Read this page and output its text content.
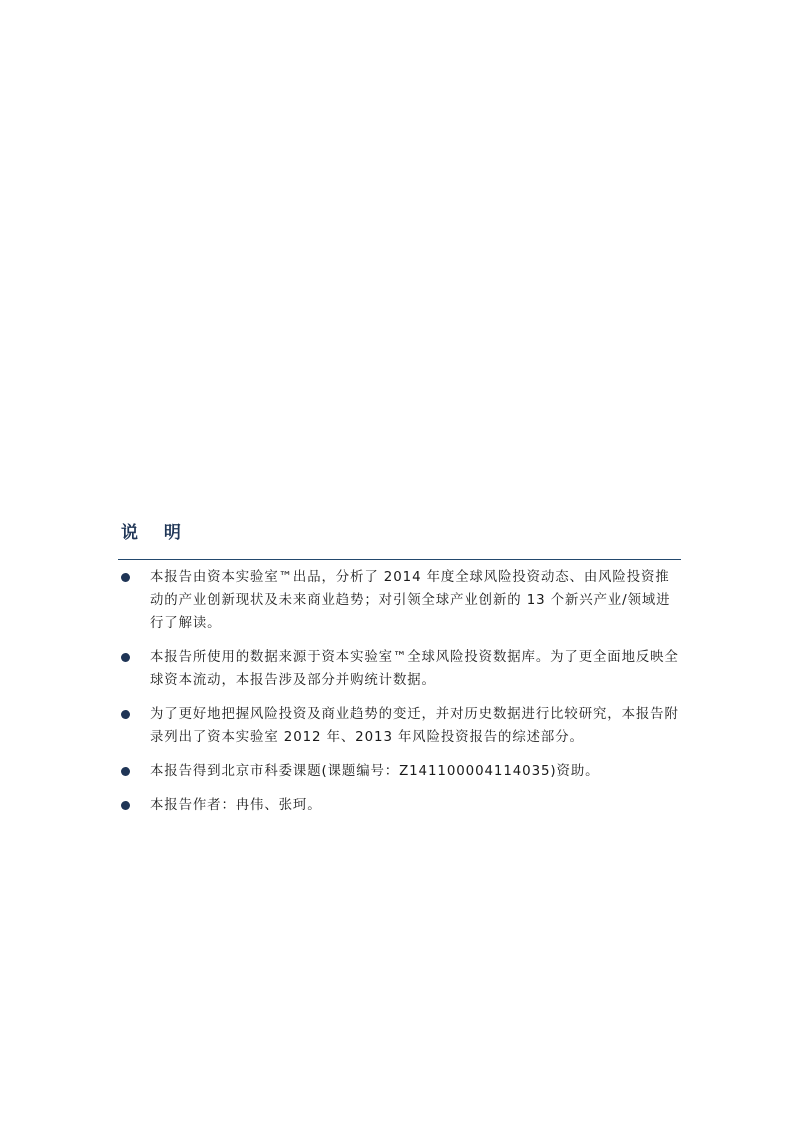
说 明
本报告由资本实验室™出品，分析了 2014 年度全球风险投资动态、由风险投资推动的产业创新现状及未来商业趋势；对引领全球产业创新的 13 个新兴产业/领域进行了解读。
本报告所使用的数据来源于资本实验室™全球风险投资数据库。为了更全面地反映全球资本流动，本报告涉及部分并购统计数据。
为了更好地把握风险投资及商业趋势的变迁，并对历史数据进行比较研究，本报告附录列出了资本实验室 2012 年、2013 年风险投资报告的综述部分。
本报告得到北京市科委课题(课题编号：Z141100004114035)资助。
本报告作者：冉伟、张珂。
